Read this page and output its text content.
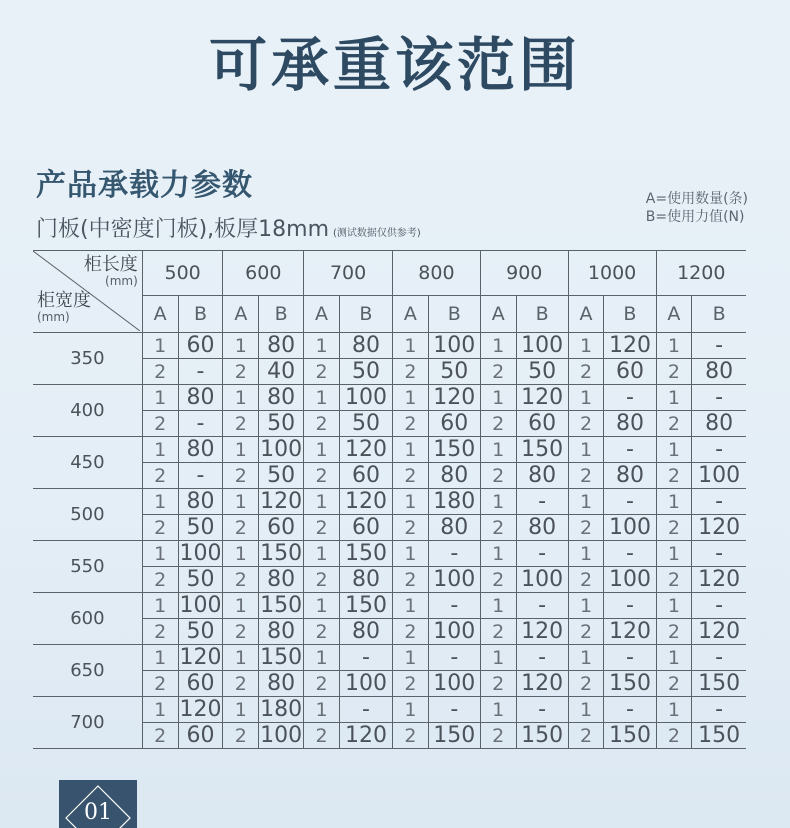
可承重该范围
产品承载力参数
门板(中密度门板),板厚18mm (测试数据仅供参考)
A=使用数量(条)
B=使用力值(N)
柜长度
(mm)
柜宽度
(mm)	500		600		700		800		900		1000		1200	
	A	B	A	B	A	B	A	B	A	B	A	B	A	B
350	1	60	1	80	1	80	1	100	1	100	1	120	1	-
	2	-	2	40	2	50	2	50	2	50	2	60	2	80
400	1	80	1	80	1	100	1	120	1	120	1	-	1	-
	2	-	2	50	2	50	2	60	2	60	2	80	2	80
450	1	80	1	100	1	120	1	150	1	150	1	-	1	-
	2	-	2	50	2	60	2	80	2	80	2	80	2	100
500	1	80	1	120	1	120	1	180	1	-	1	-	1	-
	2	50	2	60	2	60	2	80	2	80	2	100	2	120
550	1	100	1	150	1	150	1	-	1	-	1	-	1	-
	2	50	2	80	2	80	2	100	2	100	2	100	2	120
600	1	100	1	150	1	150	1	-	1	-	1	-	1	-
	2	50	2	80	2	80	2	100	2	120	2	120	2	120
650	1	120	1	150	1	-	1	-	1	-	1	-	1	-
	2	60	2	80	2	100	2	100	2	120	2	150	2	150
700	1	120	1	180	1	-	1	-	1	-	1	-	1	-
	2	60	2	100	2	120	2	150	2	150	2	150	2	150
01
